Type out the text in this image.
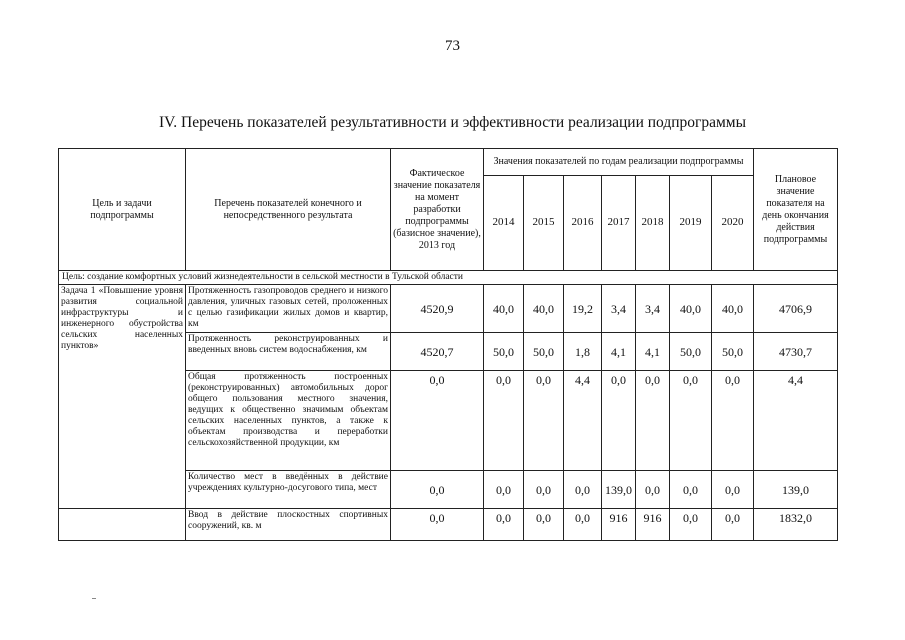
73
IV. Перечень показателей результативности и эффективности реализации подпрограммы
Цель и задачи подпрограммы	Перечень показателей конечного и непосредственного результата	Фактическое значение показателя на момент разработки подпрограммы (базисное значение), 2013 год	Значения показателей по годам реализации подпрограммы							Плановое значение показателя на день окончания действия подпрограммы
			2014	2015	2016	2017	2018	2019	2020	
Цель: создание комфортных условий жизнедеятельности в сельской местности в Тульской области										
Задача 1 «Повышение уровня развития социальной инфраструктуры и инженерного обустройства сельских населенных пунктов»	Протяженность газопроводов среднего и низкого давления, уличных газовых сетей, проложенных с целью газификации жилых домов и квартир, км	4520,9	40,0	40,0	19,2	3,4	3,4	40,0	40,0	4706,9
	Протяженность реконструированных и введенных вновь систем водоснабжения, км	4520,7	50,0	50,0	1,8	4,1	4,1	50,0	50,0	4730,7
	Общая протяженность построенных (реконструированных) автомобильных дорог общего пользования местного значения, ведущих к общественно значимым объектам сельских населенных пунктов, а также к объектам производства и переработки сельскохозяйственной продукции, км	0,0	0,0	0,0	4,4	0,0	0,0	0,0	0,0	4,4
	Количество мест в введённых в действие учреждениях культурно-досугового типа, мест	0,0	0,0	0,0	0,0	139,0	0,0	0,0	0,0	139,0
	Ввод в действие плоскостных спортивных сооружений, кв. м	0,0	0,0	0,0	0,0	916	916	0,0	0,0	1832,0
